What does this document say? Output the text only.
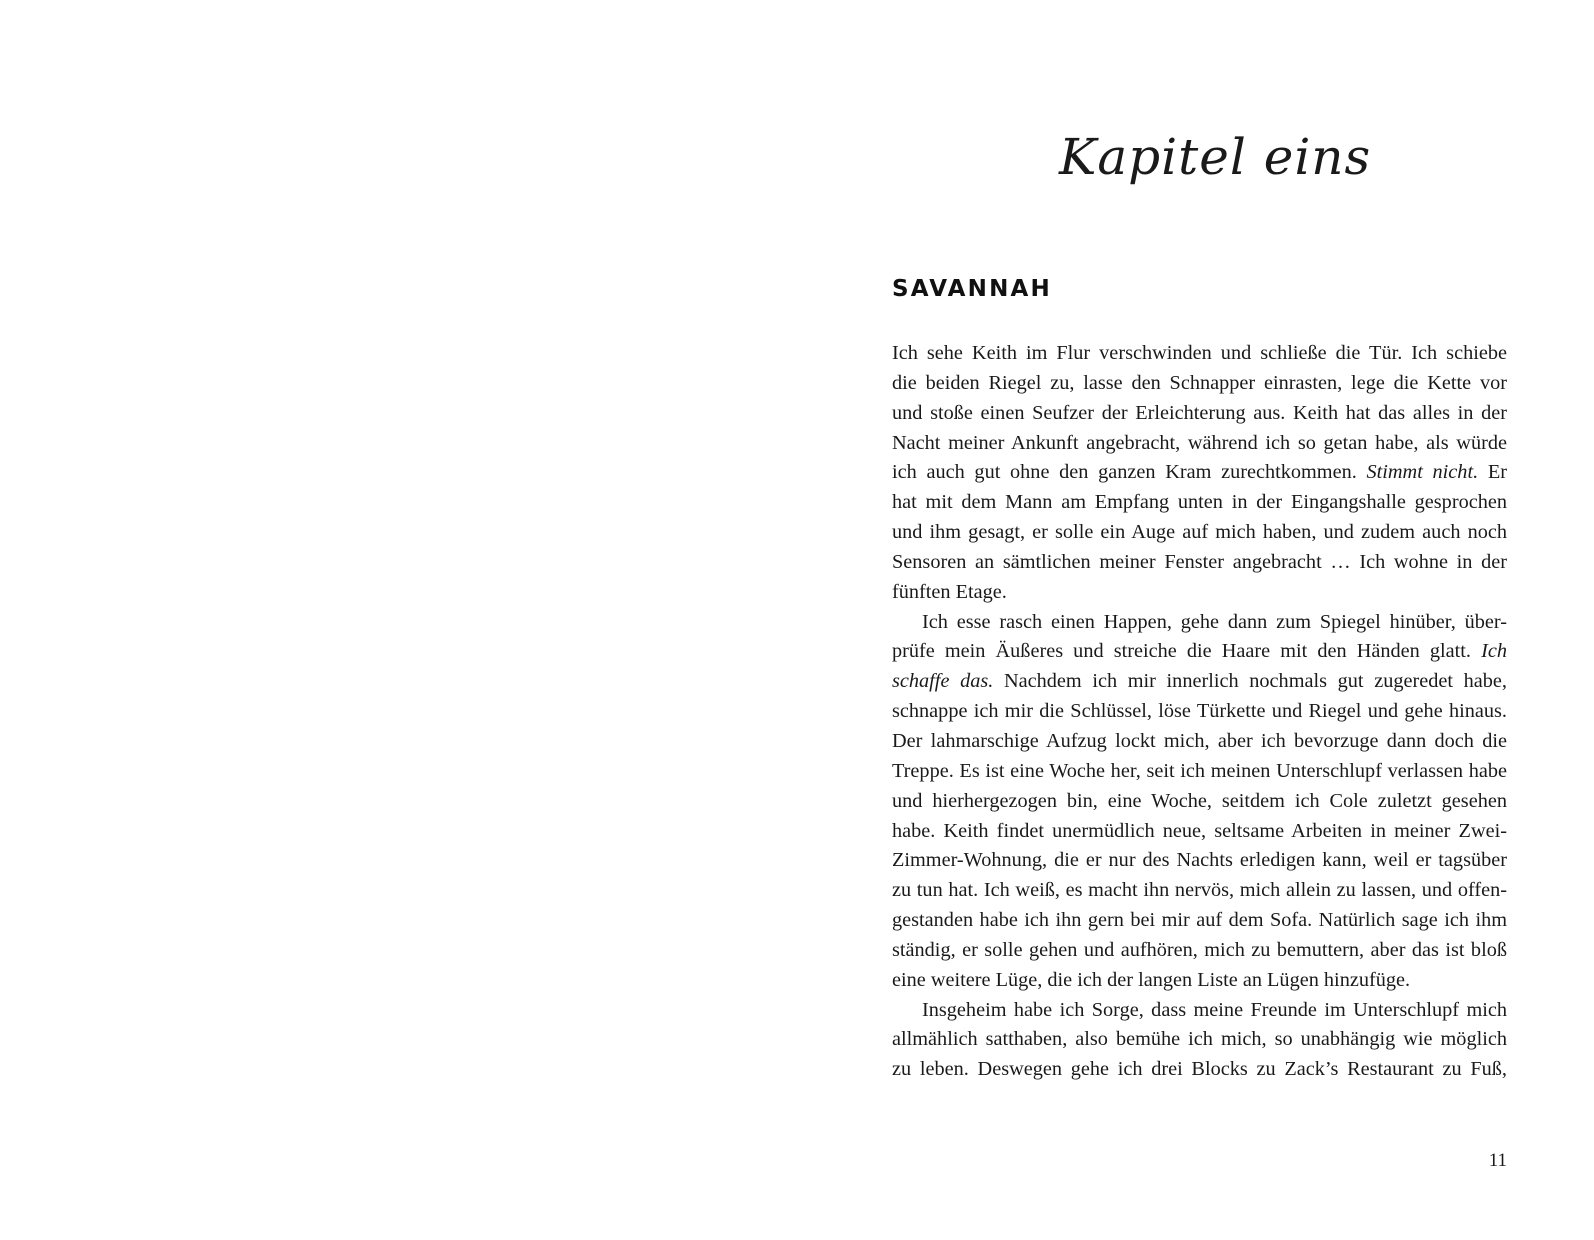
Kapitel eins
SAVANNAH
Ich sehe Keith im Flur verschwinden und schließe die Tür. Ich schiebe
die beiden Riegel zu, lasse den Schnapper einrasten, lege die Kette vor
und stoße einen Seufzer der Erleichterung aus. Keith hat das alles in der
Nacht meiner Ankunft angebracht, während ich so getan habe, als würde
ich auch gut ohne den ganzen Kram zurechtkommen. Stimmt nicht. Er
hat mit dem Mann am Empfang unten in der Eingangshalle gesprochen
und ihm gesagt, er solle ein Auge auf mich haben, und zudem auch noch
Sensoren an sämtlichen meiner Fenster angebracht … Ich wohne in der
fünften Etage.
Ich esse rasch einen Happen, gehe dann zum Spiegel hinüber, über-
prüfe mein Äußeres und streiche die Haare mit den Händen glatt. Ich
schaffe das. Nachdem ich mir innerlich nochmals gut zugeredet habe,
schnappe ich mir die Schlüssel, löse Türkette und Riegel und gehe hinaus.
Der lahmarschige Aufzug lockt mich, aber ich bevorzuge dann doch die
Treppe. Es ist eine Woche her, seit ich meinen Unterschlupf verlassen habe
und hierhergezogen bin, eine Woche, seitdem ich Cole zuletzt gesehen
habe. Keith findet unermüdlich neue, seltsame Arbeiten in meiner Zwei-
Zimmer-Wohnung, die er nur des Nachts erledigen kann, weil er tagsüber
zu tun hat. Ich weiß, es macht ihn nervös, mich allein zu lassen, und offen-
gestanden habe ich ihn gern bei mir auf dem Sofa. Natürlich sage ich ihm
ständig, er solle gehen und aufhören, mich zu bemuttern, aber das ist bloß
eine weitere Lüge, die ich der langen Liste an Lügen hinzufüge.
Insgeheim habe ich Sorge, dass meine Freunde im Unterschlupf mich
allmählich satthaben, also bemühe ich mich, so unabhängig wie möglich
zu leben. Deswegen gehe ich drei Blocks zu Zack’s Restaurant zu Fuß,
11
